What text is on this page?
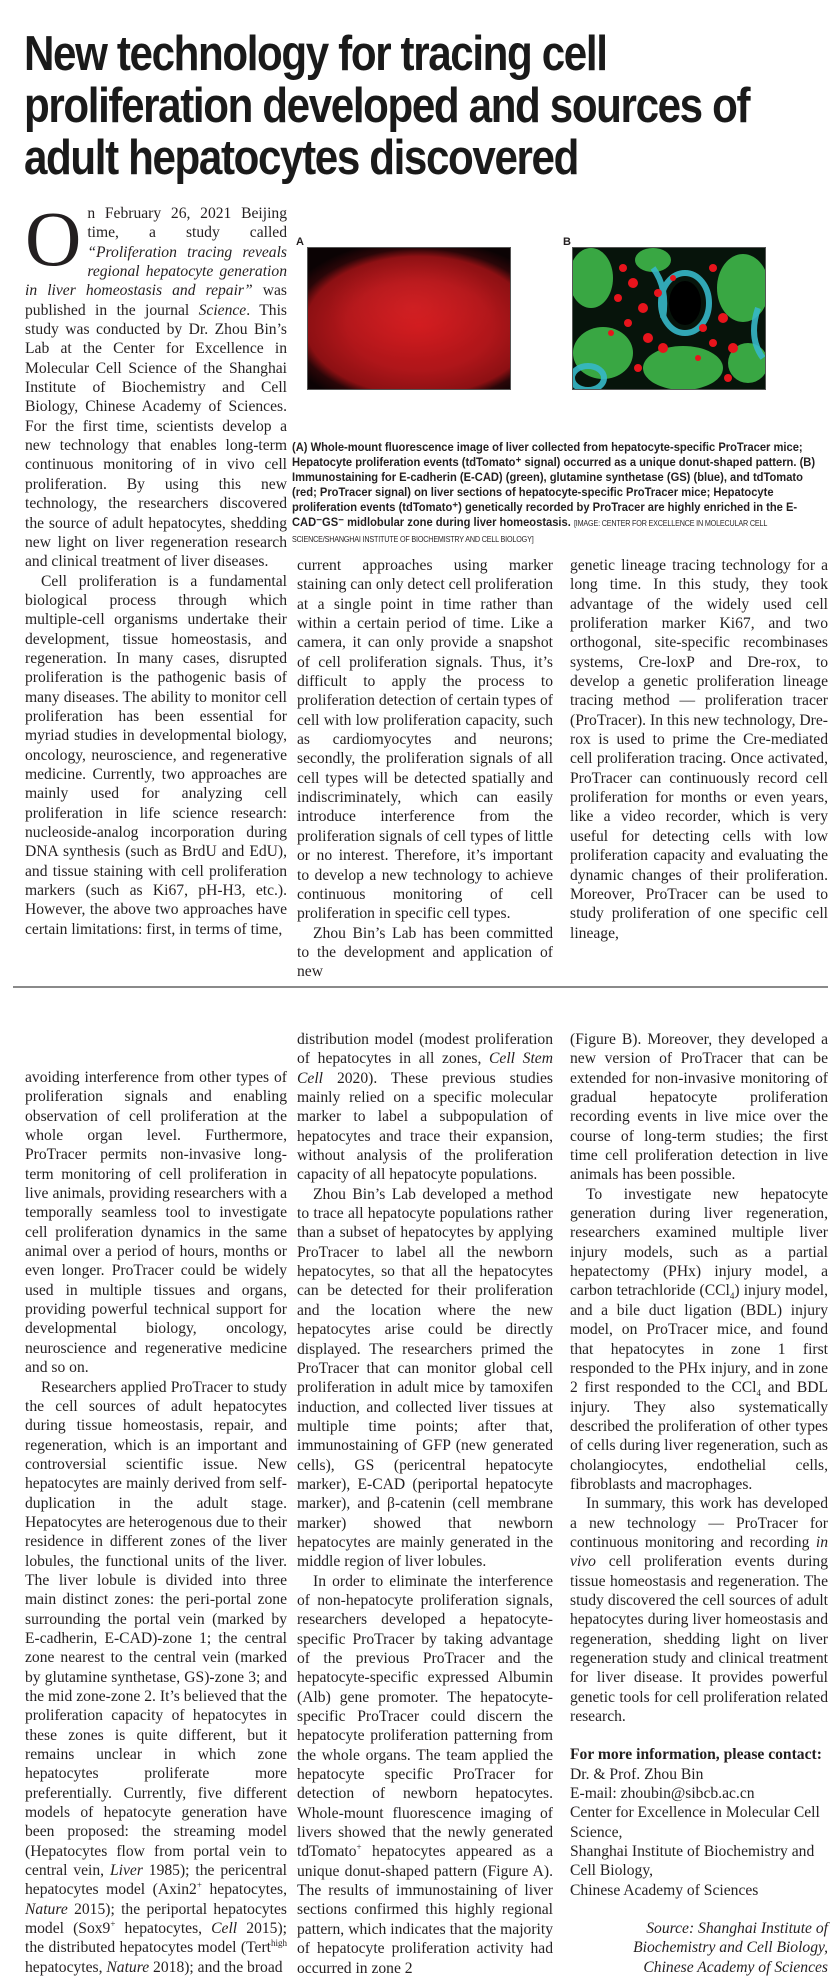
New technology for tracing cell proliferation developed and sources of adult hepatocytes discovered

On February 26, 2021 Beijing time, a study called “Proliferation tracing reveals regional hepatocyte generation in liver homeostasis and repair” was published in the journal Science. This study was conducted by Dr. Zhou Bin’s Lab at the Center for Excellence in Molecular Cell Science of the Shanghai Institute of Biochemistry and Cell Biology, Chinese Academy of Sciences. For the first time, scientists develop a new technology that enables long-term continuous monitoring of in vivo cell proliferation. By using this new technology, the researchers discovered the source of adult hepatocytes, shedding new light on liver regeneration research and clinical treatment of liver diseases.

Cell proliferation is a fundamental biological process through which multiple-cell organisms undertake their development, tissue homeostasis, and regeneration. In many cases, disrupted proliferation is the pathogenic basis of many diseases. The ability to monitor cell proliferation has been essential for myriad studies in developmental biology, oncology, neuroscience, and regenerative medicine. Currently, two approaches are mainly used for analyzing cell proliferation in life science research: nucleoside-analog incorporation during DNA synthesis (such as BrdU and EdU), and tissue staining with cell proliferation markers (such as Ki67, pH-H3, etc.). However, the above two approaches have certain limitations: first, in terms of time,

A	B
(A) Whole-mount fluorescence image of liver collected from hepatocyte-specific ProTracer mice; Hepatocyte proliferation events (tdTomato⁺ signal) occurred as a unique donut-shaped pattern. (B) Immunostaining for E-cadherin (E-CAD) (green), glutamine synthetase (GS) (blue), and tdTomato (red; ProTracer signal) on liver sections of hepatocyte-specific ProTracer mice; Hepatocyte proliferation events (tdTomato⁺) genetically recorded by ProTracer are highly enriched in the E-CAD⁻GS⁻ midlobular zone during liver homeostasis. [IMAGE: CENTER FOR EXCELLENCE IN MOLECULAR CELL SCIENCE/SHANGHAI INSTITUTE OF BIOCHEMISTRY AND CELL BIOLOGY]

current approaches using marker staining can only detect cell proliferation at a single point in time rather than within a certain period of time. Like a camera, it can only provide a snapshot of cell proliferation signals. Thus, it’s difficult to apply the process to proliferation detection of certain types of cell with low proliferation capacity, such as cardiomyocytes and neurons; secondly, the proliferation signals of all cell types will be detected spatially and indiscriminately, which can easily introduce interference from the proliferation signals of cell types of little or no interest. Therefore, it’s important to develop a new technology to achieve continuous monitoring of cell proliferation in specific cell types.

Zhou Bin’s Lab has been committed to the development and application of new

genetic lineage tracing technology for a long time. In this study, they took advantage of the widely used cell proliferation marker Ki67, and two orthogonal, site-specific recombinases systems, Cre-loxP and Dre-rox, to develop a genetic proliferation lineage tracing method — proliferation tracer (ProTracer). In this new technology, Dre-rox is used to prime the Cre-mediated cell proliferation tracing. Once activated, ProTracer can continuously record cell proliferation for months or even years, like a video recorder, which is very useful for detecting cells with low proliferation capacity and evaluating the dynamic changes of their proliferation. Moreover, ProTracer can be used to study proliferation of one specific cell lineage,

avoiding interference from other types of proliferation signals and enabling observation of cell proliferation at the whole organ level. Furthermore, ProTracer permits non-invasive long-term monitoring of cell proliferation in live animals, providing researchers with a temporally seamless tool to investigate cell proliferation dynamics in the same animal over a period of hours, months or even longer. ProTracer could be widely used in multiple tissues and organs, providing powerful technical support for developmental biology, oncology, neuroscience and regenerative medicine and so on.

Researchers applied ProTracer to study the cell sources of adult hepatocytes during tissue homeostasis, repair, and regeneration, which is an important and controversial scientific issue. New hepatocytes are mainly derived from self-duplication in the adult stage. Hepatocytes are heterogenous due to their residence in different zones of the liver lobules, the functional units of the liver. The liver lobule is divided into three main distinct zones: the peri-portal zone surrounding the portal vein (marked by E-cadherin, E-CAD)-zone 1; the central zone nearest to the central vein (marked by glutamine synthetase, GS)-zone 3; and the mid zone-zone 2. It’s believed that the proliferation capacity of hepatocytes in these zones is quite different, but it remains unclear in which zone hepatocytes proliferate more preferentially. Currently, five different models of hepatocyte generation have been proposed: the streaming model (Hepatocytes flow from portal vein to central vein, Liver 1985); the pericentral hepatocytes model (Axin2+ hepatocytes, Nature 2015); the periportal hepatocytes model (Sox9+ hepatocytes, Cell 2015); the distributed hepatocytes model (Tert$^{high}$ hepatocytes, Nature 2018); and the broad

distribution model (modest proliferation of hepatocytes in all zones, Cell Stem Cell 2020). These previous studies mainly relied on a specific molecular marker to label a subpopulation of hepatocytes and trace their expansion, without analysis of the proliferation capacity of all hepatocyte populations.

Zhou Bin’s Lab developed a method to trace all hepatocyte populations rather than a subset of hepatocytes by applying ProTracer to label all the newborn hepatocytes, so that all the hepatocytes can be detected for their proliferation and the location where the new hepatocytes arise could be directly displayed. The researchers primed the ProTracer that can monitor global cell proliferation in adult mice by tamoxifen induction, and collected liver tissues at multiple time points; after that, immunostaining of GFP (new generated cells), GS (pericentral hepatocyte marker), E-CAD (periportal hepatocyte marker), and β-catenin (cell membrane marker) showed that newborn hepatocytes are mainly generated in the middle region of liver lobules.

In order to eliminate the interference of non-hepatocyte proliferation signals, researchers developed a hepatocyte-specific ProTracer by taking advantage of the previous ProTracer and the hepatocyte-specific expressed Albumin (Alb) gene promoter. The hepatocyte-specific ProTracer could discern the hepatocyte proliferation patterning from the whole organs. The team applied the hepatocyte specific ProTracer for detection of newborn hepatocytes. Whole-mount fluorescence imaging of livers showed that the newly generated tdTomato+ hepatocytes appeared as a unique donut-shaped pattern (Figure A). The results of immunostaining of liver sections confirmed this highly regional pattern, which indicates that the majority of hepatocyte proliferation activity had occurred in zone 2

(Figure B). Moreover, they developed a new version of ProTracer that can be extended for non-invasive monitoring of gradual hepatocyte proliferation recording events in live mice over the course of long-term studies; the first time cell proliferation detection in live animals has been possible.

To investigate new hepatocyte generation during liver regeneration, researchers examined multiple liver injury models, such as a partial hepatectomy (PHx) injury model, a carbon tetrachloride (CCl$_4$) injury model, and a bile duct ligation (BDL) injury model, on ProTracer mice, and found that hepatocytes in zone 1 first responded to the PHx injury, and in zone 2 first responded to the CCl$_4$ and BDL injury. They also systematically described the proliferation of other types of cells during liver regeneration, such as cholangiocytes, endothelial cells, fibroblasts and macrophages.

In summary, this work has developed a new technology — ProTracer for continuous monitoring and recording in vivo cell proliferation events during tissue homeostasis and regeneration. The study discovered the cell sources of adult hepatocytes during liver homeostasis and regeneration, shedding light on liver regeneration study and clinical treatment for liver disease. It provides powerful genetic tools for cell proliferation related research.

For more information, please contact:
Dr. & Prof. Zhou Bin
E-mail: zhoubin@sibcb.ac.cn
Center for Excellence in Molecular Cell Science,
Shanghai Institute of Biochemistry and Cell Biology,
Chinese Academy of Sciences
Source: Shanghai Institute of
Biochemistry and Cell Biology,
Chinese Academy of Sciences
